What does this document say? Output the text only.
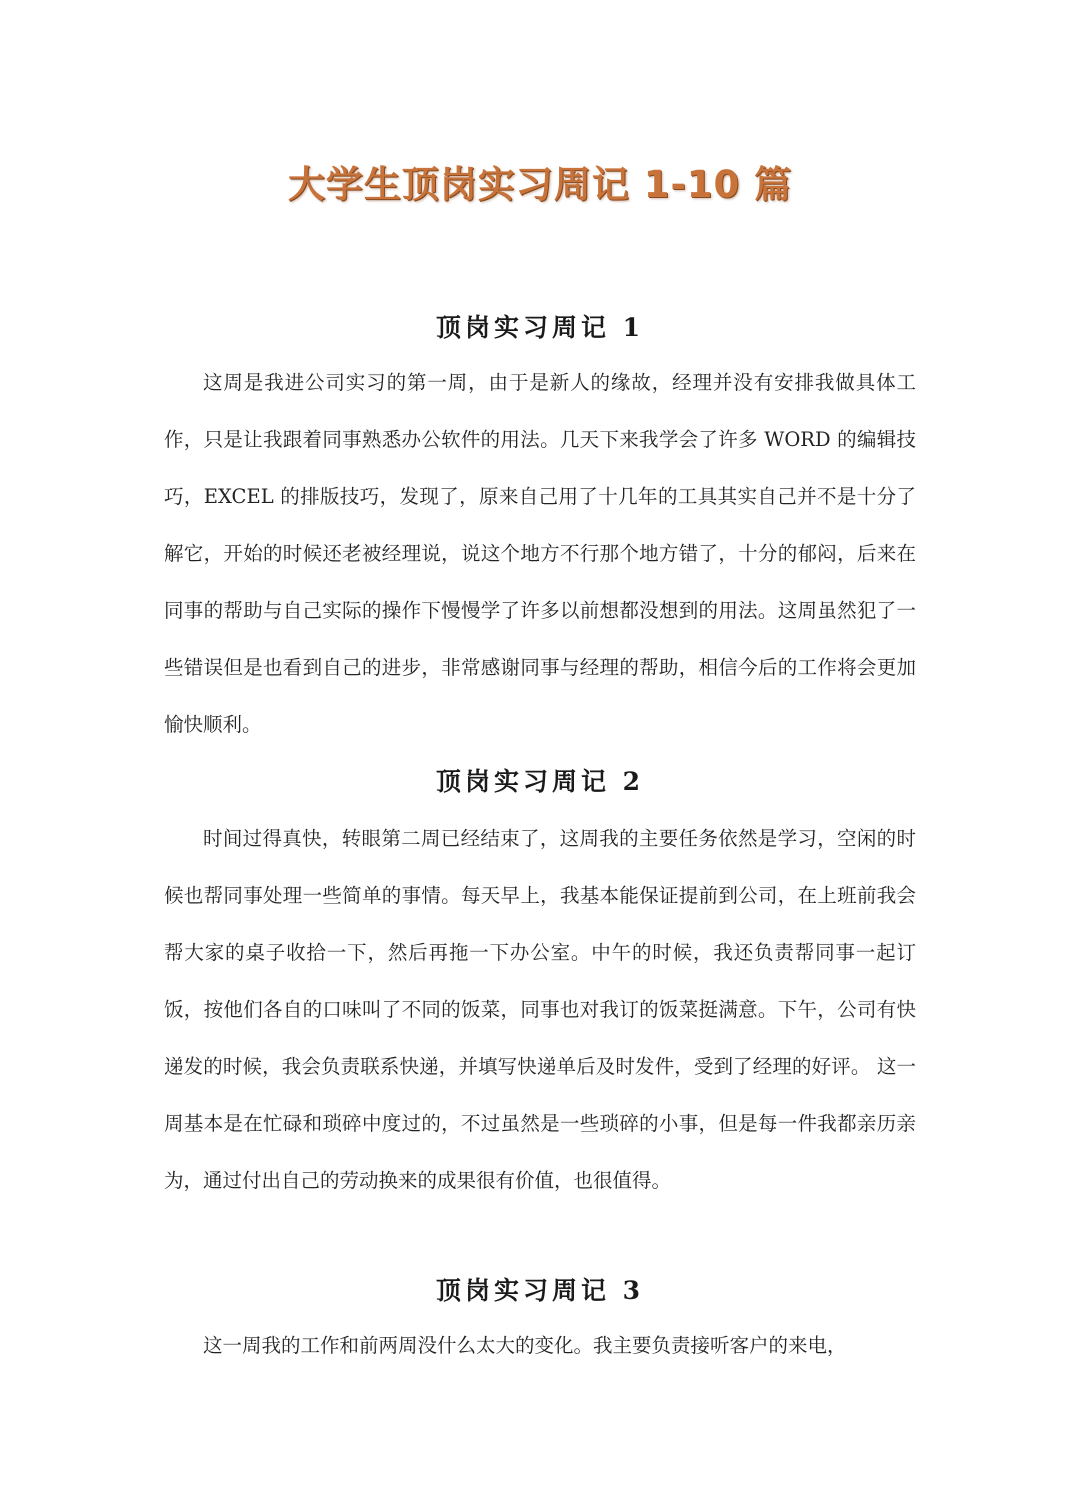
大学生顶岗实习周记 1-10 篇
顶岗实习周记 1

这周是我进公司实习的第一周，由于是新人的缘故，经理并没有安排我做具体工作，只是让我跟着同事熟悉办公软件的用法。几天下来我学会了许多 WORD 的编辑技巧，EXCEL 的排版技巧，发现了，原来自己用了十几年的工具其实自己并不是十分了解它，开始的时候还老被经理说，说这个地方不行那个地方错了，十分的郁闷，后来在同事的帮助与自己实际的操作下慢慢学了许多以前想都没想到的用法。这周虽然犯了一些错误但是也看到自己的进步，非常感谢同事与经理的帮助，相信今后的工作将会更加愉快顺利。

顶岗实习周记 2

时间过得真快，转眼第二周已经结束了，这周我的主要任务依然是学习，空闲的时候也帮同事处理一些简单的事情。每天早上，我基本能保证提前到公司，在上班前我会帮大家的桌子收拾一下，然后再拖一下办公室。中午的时候，我还负责帮同事一起订饭，按他们各自的口味叫了不同的饭菜，同事也对我订的饭菜挺满意。下午，公司有快递发的时候，我会负责联系快递，并填写快递单后及时发件，受到了经理的好评。 这一周基本是在忙碌和琐碎中度过的，不过虽然是一些琐碎的小事，但是每一件我都亲历亲为，通过付出自己的劳动换来的成果很有价值，也很值得。

顶岗实习周记 3

这一周我的工作和前两周没什么太大的变化。我主要负责接听客户的来电，
